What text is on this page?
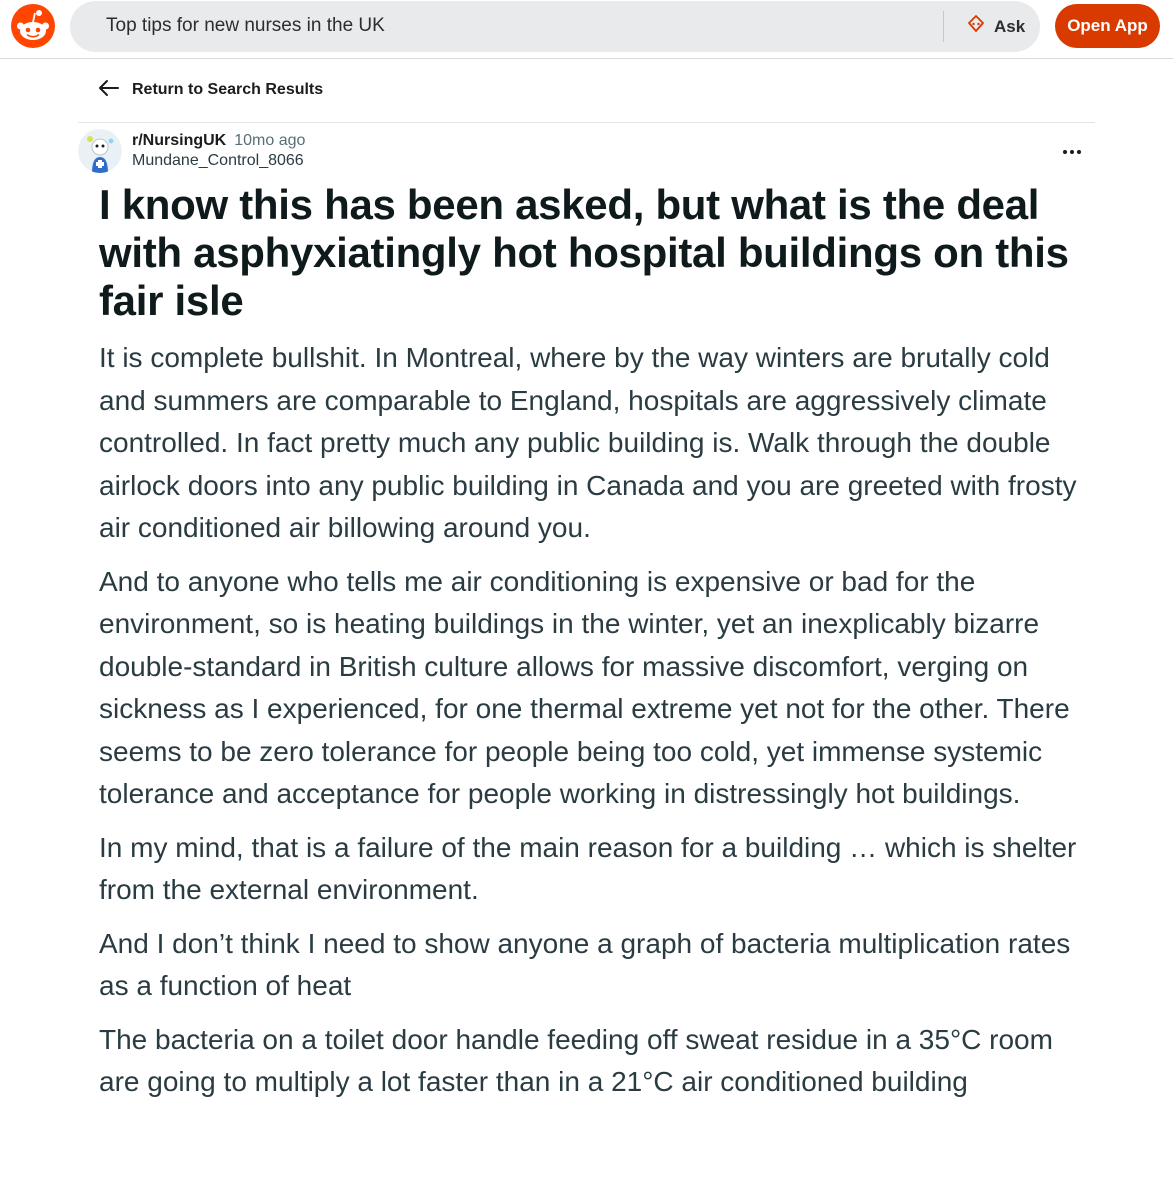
Top tips for new nurses in the UK	Ask	Open App
Return to Search Results
r/NursingUK 10mo ago
Mundane_Control_8066
I know this has been asked, but what is the deal with asphyxiatingly hot hospital buildings on this fair isle

It is complete bullshit. In Montreal, where by the way winters are brutally cold and summers are comparable to England, hospitals are aggressively climate controlled. In fact pretty much any public building is. Walk through the double airlock doors into any public building in Canada and you are greeted with frosty air conditioned air billowing around you.

And to anyone who tells me air conditioning is expensive or bad for the environment, so is heating buildings in the winter, yet an inexplicably bizarre double-standard in British culture allows for massive discomfort, verging on sickness as I experienced, for one thermal extreme yet not for the other. There seems to be zero tolerance for people being too cold, yet immense systemic tolerance and acceptance for people working in distressingly hot buildings.

In my mind, that is a failure of the main reason for a building … which is shelter from the external environment.

And I don’t think I need to show anyone a graph of bacteria multiplication rates as a function of heat

The bacteria on a toilet door handle feeding off sweat residue in a 35°C room are going to multiply a lot faster than in a 21°C air conditioned building
